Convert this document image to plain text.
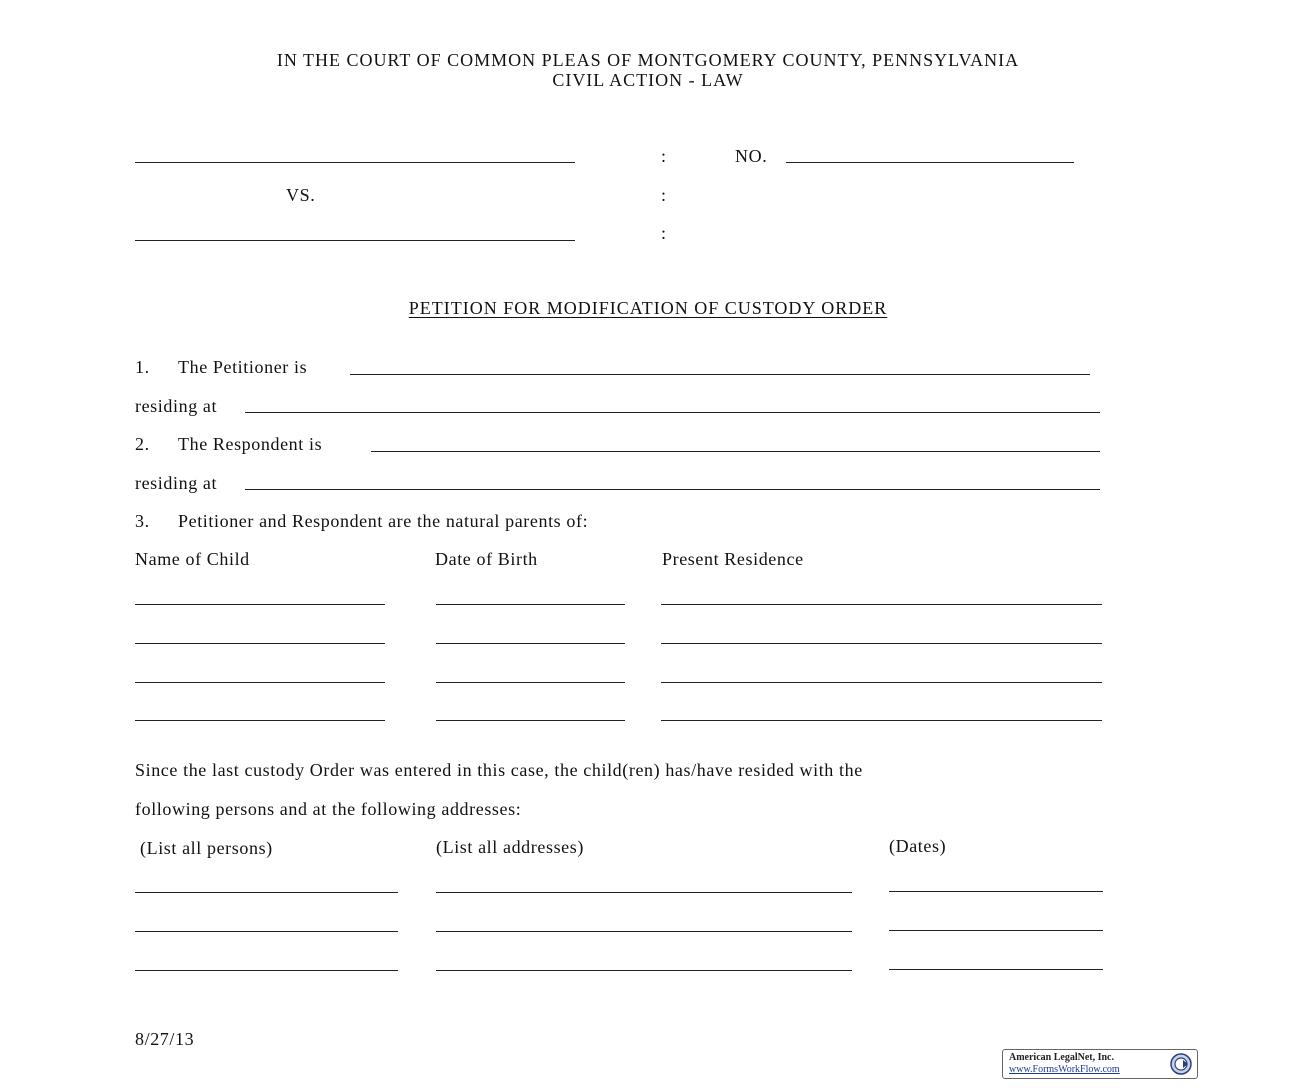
IN THE COURT OF COMMON PLEAS OF MONTGOMERY COUNTY, PENNSYLVANIA
CIVIL ACTION - LAW
:	NO.
VS.	:
:
PETITION FOR MODIFICATION OF CUSTODY ORDER
1. The Petitioner is
residing at
2. The Respondent is
residing at
3. Petitioner and Respondent are the natural parents of:
Name of Child	Date of Birth	Present Residence
Since the last custody Order was entered in this case, the child(ren) has/have resided with the
following persons and at the following addresses:
(List all persons)	(List all addresses)	(Dates)
8/27/13
American LegalNet, Inc.
www.FormsWorkFlow.com
